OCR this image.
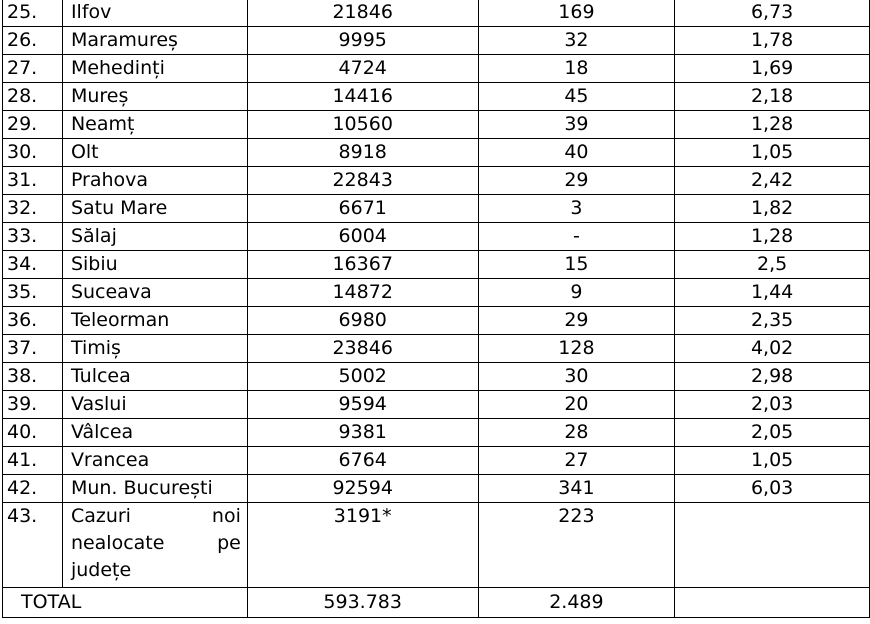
25.	Ilfov	21846	169	6,73
26.	Maramureș	9995	32	1,78
27.	Mehedinți	4724	18	1,69
28.	Mureș	14416	45	2,18
29.	Neamț	10560	39	1,28
30.	Olt	8918	40	1,05
31.	Prahova	22843	29	2,42
32.	Satu Mare	6671	3	1,82
33.	Sălaj	6004	-	1,28
34.	Sibiu	16367	15	2,5
35.	Suceava	14872	9	1,44
36.	Teleorman	6980	29	2,35
37.	Timiș	23846	128	4,02
38.	Tulcea	5002	30	2,98
39.	Vaslui	9594	20	2,03
40.	Vâlcea	9381	28	2,05
41.	Vrancea	6764	27	1,05
42.	Mun. București	92594	341	6,03
43.	Cazuri noi
nealocate pe
județe	3191*	223	
TOTAL		593.783	2.489	
